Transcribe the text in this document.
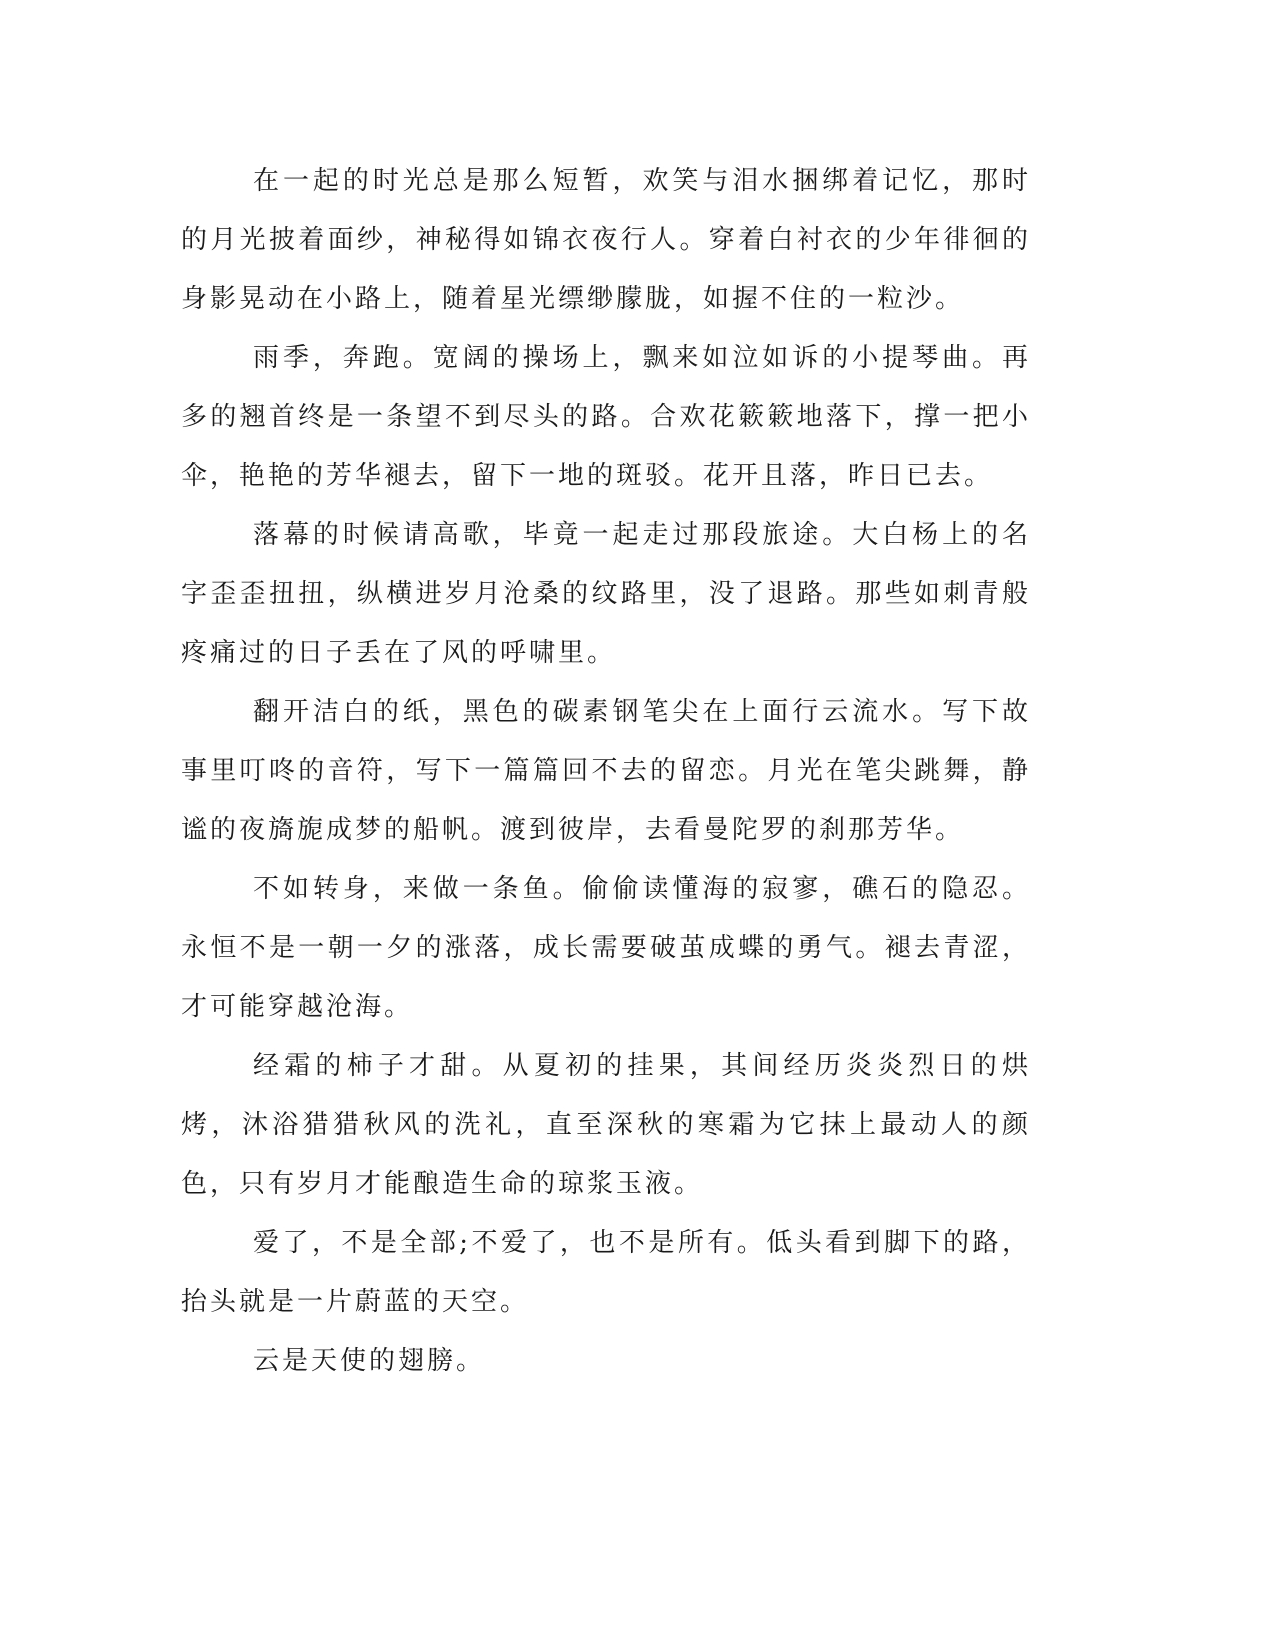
在一起的时光总是那么短暂，欢笑与泪水捆绑着记忆，那时的月光披着面纱，神秘得如锦衣夜行人。穿着白衬衣的少年徘徊的身影晃动在小路上，随着星光缥缈朦胧，如握不住的一粒沙。

雨季，奔跑。宽阔的操场上，飘来如泣如诉的小提琴曲。再多的翘首终是一条望不到尽头的路。合欢花簌簌地落下，撑一把小伞，艳艳的芳华褪去，留下一地的斑驳。花开且落，昨日已去。

落幕的时候请高歌，毕竟一起走过那段旅途。大白杨上的名字歪歪扭扭，纵横进岁月沧桑的纹路里，没了退路。那些如刺青般疼痛过的日子丢在了风的呼啸里。

翻开洁白的纸，黑色的碳素钢笔尖在上面行云流水。写下故事里叮咚的音符，写下一篇篇回不去的留恋。月光在笔尖跳舞，静谧的夜旖旎成梦的船帆。渡到彼岸，去看曼陀罗的刹那芳华。

不如转身，来做一条鱼。偷偷读懂海的寂寥，礁石的隐忍。永恒不是一朝一夕的涨落，成长需要破茧成蝶的勇气。褪去青涩，才可能穿越沧海。

经霜的柿子才甜。从夏初的挂果，其间经历炎炎烈日的烘烤，沐浴猎猎秋风的洗礼，直至深秋的寒霜为它抹上最动人的颜色，只有岁月才能酿造生命的琼浆玉液。

爱了，不是全部;不爱了，也不是所有。低头看到脚下的路，抬头就是一片蔚蓝的天空。

云是天使的翅膀。
